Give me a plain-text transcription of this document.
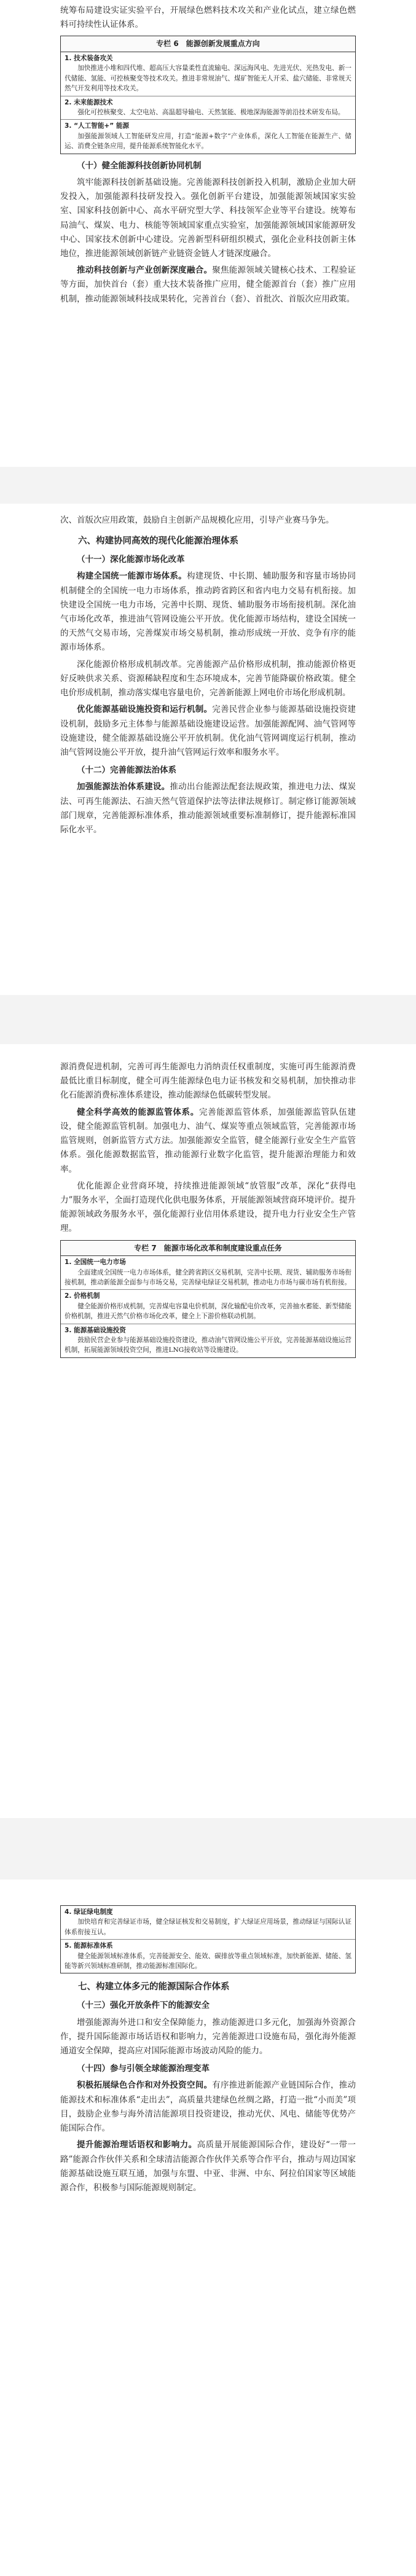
统筹布局建设实证实验平台，开展绿色燃料技术攻关和产业化试点，建立绿色燃料可持续性认证体系。

专栏 6　能源创新发展重点方向
1. 技术装备攻关
加快推进小堆和四代堆、超高压大容量柔性直流输电、深远海风电、先进光伏、光热发电、新一代储能、氢能、可控核聚变等技术攻关。推进非常规油气、煤矿智能无人开采、盐穴储能、非常规天然气开发利用等技术攻关。
2. 未来能源技术
强化可控核聚变、太空电站、高温超导输电、天然氢能、极地深海能源等前沿技术研发布局。
3. “人工智能+” 能源
加强能源领域人工智能研发应用，打造“能源+数字”产业体系，深化人工智能在能源生产、储运、消费全链条应用，提升能源系统智能化水平。
（十）健全能源科技创新协同机制

筑牢能源科技创新基础设施。完善能源科技创新投入机制，激励企业加大研发投入，加强能源科技研发投入。强化创新平台建设，加强能源领域国家实验室、国家科技创新中心、高水平研究型大学、科技领军企业等平台建设。统筹布局油气、煤炭、电力、核能等领域国家重点实验室，加强能源领域国家能源研发中心、国家技术创新中心建设。完善新型科研组织模式，强化企业科技创新主体地位，推进能源领域创新链产业链资金链人才链深度融合。

推动科技创新与产业创新深度融合。聚焦能源领域关键核心技术、工程验证等方面，加快首台（套）重大技术装备推广应用，健全能源首台（套）推广应用机制，推动能源领域科技成果转化，完善首台（套）、首批次、首版次应用政策。

次、首版次应用政策，鼓励自主创新产品规模化应用，引导产业赛马争先。

六、构建协同高效的现代化能源治理体系
（十一）深化能源市场化改革

构建全国统一能源市场体系。构建现货、中长期、辅助服务和容量市场协同机制健全的全国统一电力市场体系，推动跨省跨区和省内电力交易有机衔接。加快建设全国统一电力市场，完善中长期、现货、辅助服务市场衔接机制。深化油气市场化改革，推进油气管网设施公平开放。优化能源市场结构，建设全国统一的天然气交易市场，完善煤炭市场交易机制，推动形成统一开放、竞争有序的能源市场体系。

深化能源价格形成机制改革。完善能源产品价格形成机制，推动能源价格更好反映供求关系、资源稀缺程度和生态环境成本，完善节能降碳价格政策。健全电价形成机制，推动落实煤电容量电价，完善新能源上网电价市场化形成机制。

优化能源基础设施投资和运行机制。完善民营企业参与能源基础设施投资建设机制，鼓励多元主体参与能源基础设施建设运营。加强能源配网、油气管网等设施建设，健全能源基础设施公平开放机制。优化油气管网调度运行机制，推动油气管网设施公平开放，提升油气管网运行效率和服务水平。

（十二）完善能源法治体系

加强能源法治体系建设。推动出台能源法配套法规政策，推进电力法、煤炭法、可再生能源法、石油天然气管道保护法等法律法规修订。制定修订能源领域部门规章，完善能源标准体系，推动能源领域重要标准制修订，提升能源标准国际化水平。

源消费促进机制，完善可再生能源电力消纳责任权重制度，实施可再生能源消费最低比重目标制度，健全可再生能源绿色电力证书核发和交易机制，加快推动非化石能源消费标准体系建设，推动能源绿色低碳转型发展。

健全科学高效的能源监管体系。完善能源监管体系，加强能源监管队伍建设，健全能源监管机制。加强电力、油气、煤炭等重点领域监管，完善能源市场监管规则，创新监管方式方法。加强能源安全监管，健全能源行业安全生产监管体系。强化能源数据监管，推动能源行业数字化监管，提升能源治理能力和效率。

优化能源企业营商环境，持续推进能源领域“放管服”改革，深化“获得电力”服务水平，全面打造现代化供电服务体系，开展能源领域营商环境评价。提升能源领域政务服务水平，强化能源行业信用体系建设，提升电力行业安全生产管理。

专栏 7　能源市场化改革和制度建设重点任务
1. 全国统一电力市场
全面建成全国统一电力市场体系，健全跨省跨区交易机制，完善中长期、现货、辅助服务市场衔接机制，推动新能源全面参与市场交易，完善绿电绿证交易机制，推动电力市场与碳市场有机衔接。
2. 价格机制
健全能源价格形成机制，完善煤电容量电价机制，深化输配电价改革，完善抽水蓄能、新型储能价格机制，推进天然气价格市场化改革，健全上下游价格联动机制。
3. 能源基础设施投资
鼓励民营企业参与能源基础设施投资建设，推动油气管网设施公平开放，完善能源基础设施运营机制，拓展能源领域投资空间，推进LNG接收站等设施建设。
4. 绿证绿电制度
加快培育和完善绿证市场，健全绿证核发和交易制度，扩大绿证应用场景，推动绿证与国际认证体系衔接互认。
5. 能源标准体系
健全能源领域标准体系，完善能源安全、能效、碳排放等重点领域标准，加快新能源、储能、氢能等新兴领域标准研制，推动能源标准国际化。
七、构建立体多元的能源国际合作体系
（十三）强化开放条件下的能源安全

增强能源海外进口和安全保障能力，推动能源进口多元化，加强海外资源合作，提升国际能源市场话语权和影响力，完善能源进口设施布局，强化海外能源通道安全保障，提高应对国际能源市场波动风险的能力。

（十四）参与引领全球能源治理变革

积极拓展绿色合作和对外投资空间。有序推进新能源产业链国际合作，推动能源技术和标准体系“走出去”，高质量共建绿色丝绸之路，打造一批“小而美”项目，鼓励企业参与海外清洁能源项目投资建设，推动光伏、风电、储能等优势产能国际合作。

提升能源治理话语权和影响力。高质量开展能源国际合作，建设好“一带一路”能源合作伙伴关系和全球清洁能源合作伙伴关系等合作平台，推动与周边国家能源基础设施互联互通，加强与东盟、中亚、非洲、中东、阿拉伯国家等区域能源合作，积极参与国际能源规则制定。
